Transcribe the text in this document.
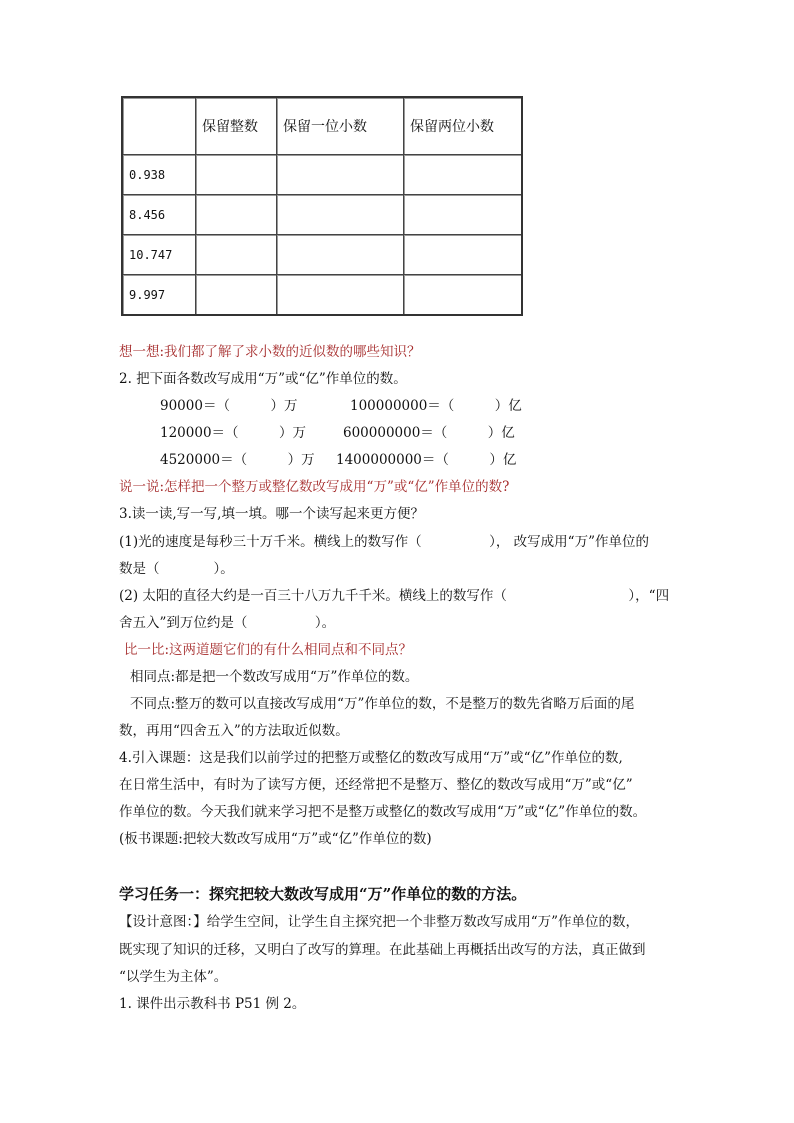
	保留整数	保留一位小数	保留两位小数
0.938			
8.456			
10.747			
9.997			
想一想:我们都了解了求小数的近似数的哪些知识？
2. 把下面各数改写成用“万”或“亿”作单位的数。
90000＝（　　　）万	100000000＝（　　　）亿
120000＝（　　　）万	600000000＝（　　　）亿
4520000＝（　　　）万 1400000000＝（　　　）亿
说一说:怎样把一个整万或整亿数改写成用“万”或“亿”作单位的数?
3.读一读,写一写,填一填。哪一个读写起来更方便？
(1)光的速度是每秒三十万千米。横线上的数写作（　　　　　）， 改写成用“万”作单位的
数是（　　　　）。
(2) 太阳的直径大约是一百三十八万九千千米。横线上的数写作（　　　　　　　　　），“四
舍五入”到万位约是（　　　　　）。
比一比:这两道题它们的有什么相同点和不同点？
相同点:都是把一个数改写成用“万”作单位的数。
不同点:整万的数可以直接改写成用“万”作单位的数，不是整万的数先省略万后面的尾
数，再用“四舍五入”的方法取近似数。
4.引入课题：这是我们以前学过的把整万或整亿的数改写成用“万”或“亿”作单位的数,
在日常生活中，有时为了读写方便，还经常把不是整万、整亿的数改写成用“万”或“亿”
作单位的数。今天我们就来学习把不是整万或整亿的数改写成用“万”或“亿”作单位的数。
(板书课题:把较大数改写成用“万”或“亿”作单位的数)
学习任务一：探究把较大数改写成用“万”作单位的数的方法。
【设计意图：】给学生空间，让学生自主探究把一个非整万数改写成用“万”作单位的数，
既实现了知识的迁移，又明白了改写的算理。在此基础上再概括出改写的方法，真正做到
“以学生为主体”。
1. 课件出示教科书 P51 例 2。
